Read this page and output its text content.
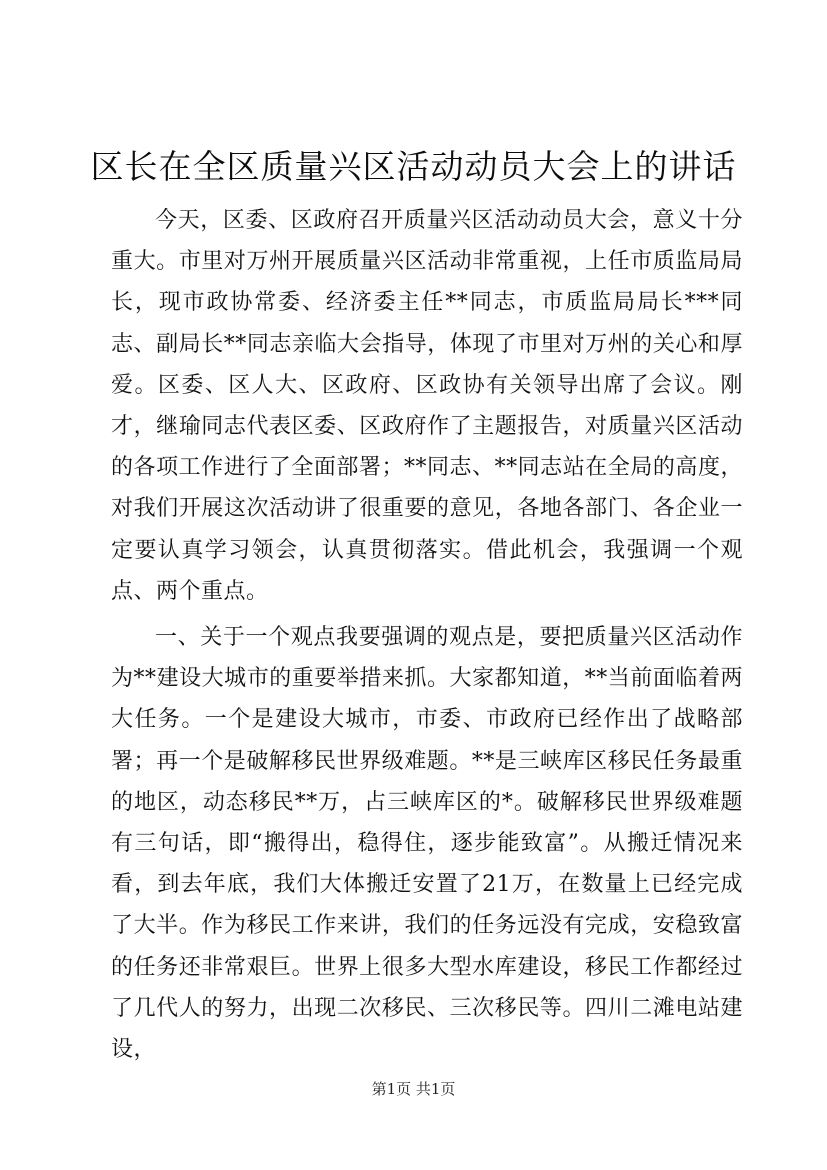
区长在全区质量兴区活动动员大会上的讲话

今天，区委、区政府召开质量兴区活动动员大会，意义十分重大。市里对万州开展质量兴区活动非常重视，上任市质监局局长，现市政协常委、经济委主任**同志，市质监局局长***同志、副局长**同志亲临大会指导，体现了市里对万州的关心和厚爱。区委、区人大、区政府、区政协有关领导出席了会议。刚才，继瑜同志代表区委、区政府作了主题报告，对质量兴区活动的各项工作进行了全面部署；**同志、**同志站在全局的高度，对我们开展这次活动讲了很重要的意见，各地各部门、各企业一定要认真学习领会，认真贯彻落实。借此机会，我强调一个观点、两个重点。

一、关于一个观点我要强调的观点是，要把质量兴区活动作为**建设大城市的重要举措来抓。大家都知道，**当前面临着两大任务。一个是建设大城市，市委、市政府已经作出了战略部署；再一个是破解移民世界级难题。**是三峡库区移民任务最重的地区，动态移民**万，占三峡库区的*。破解移民世界级难题有三句话，即“搬得出，稳得住，逐步能致富”。从搬迁情况来看，到去年底，我们大体搬迁安置了21万，在数量上已经完成了大半。作为移民工作来讲，我们的任务远没有完成，安稳致富的任务还非常艰巨。世界上很多大型水库建设，移民工作都经过了几代人的努力，出现二次移民、三次移民等。四川二滩电站建设，

第1页 共1页
